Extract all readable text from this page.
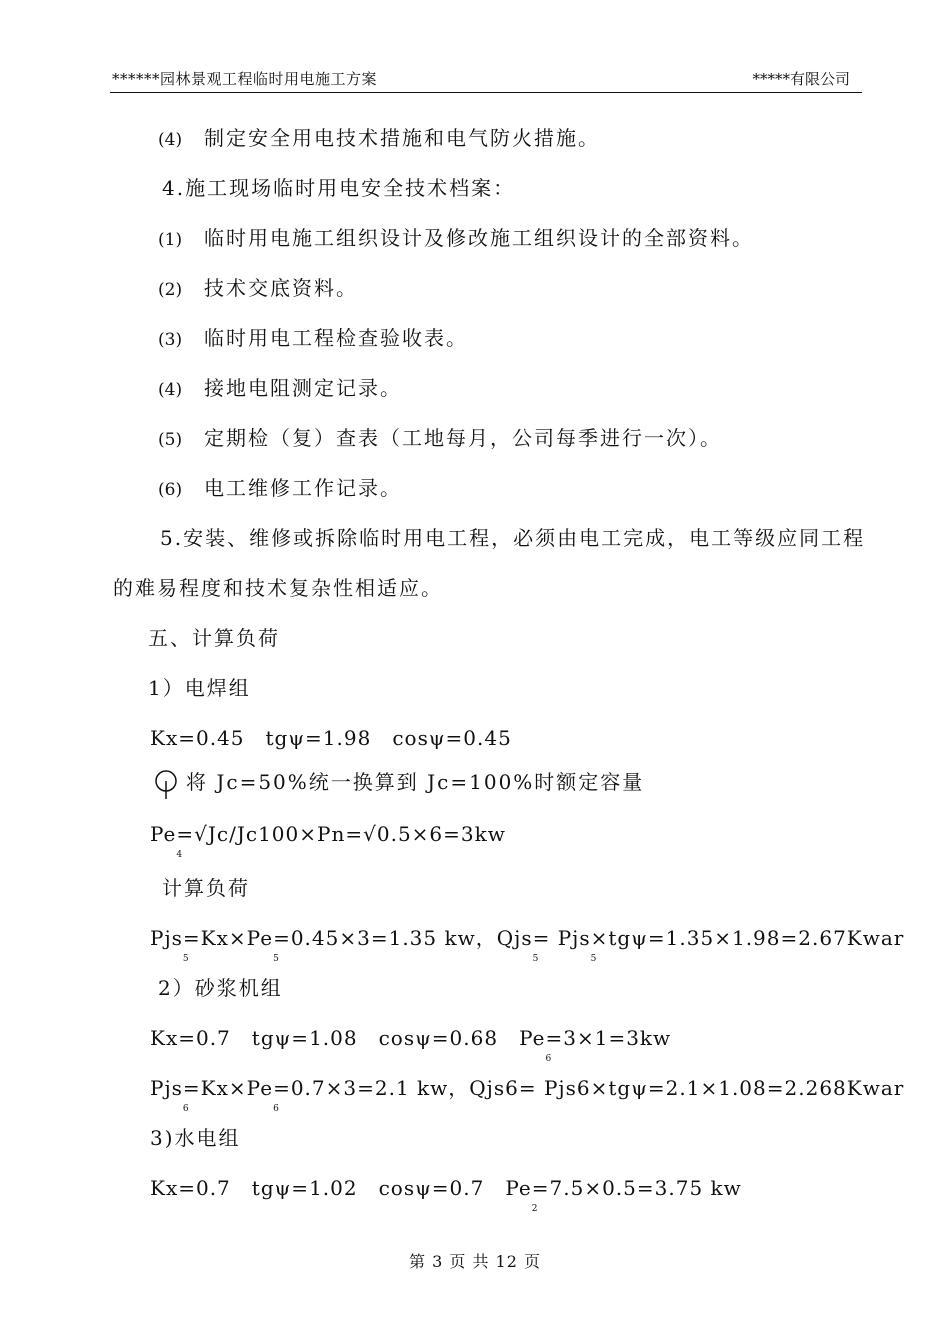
******园林景观工程临时用电施工方案	*****有限公司
(4) 制定安全用电技术措施和电气防火措施。
4.施工现场临时用电安全技术档案：
(1) 临时用电施工组织设计及修改施工组织设计的全部资料。
(2) 技术交底资料。
(3) 临时用电工程检查验收表。
(4) 接地电阻测定记录。
(5) 定期检（复）查表（工地每月，公司每季进行一次）。
(6) 电工维修工作记录。
5.安装、维修或拆除临时用电工程，必须由电工完成，电工等级应同工程
的难易程度和技术复杂性相适应。
五、计算负荷
1）电焊组
Kx=0.45　tgψ=1.98　cosψ=0.45
将 Jc=50%统一换算到 Jc=100%时额定容量
Pe4=√Jc/Jc100×Pn=√0.5×6=3kw
计算负荷
Pjs5=Kx×Pe5=0.45×3=1.35 kw，Qjs5= Pjs5×tgψ=1.35×1.98=2.67Kwar
2）砂浆机组
Kx=0.7　tgψ=1.08　cosψ=0.68　Pe6=3×1=3kw
Pjs6=Kx×Pe6=0.7×3=2.1 kw，Qjs6= Pjs6×tgψ=2.1×1.08=2.268Kwar
3)水电组
Kx=0.7　tgψ=1.02　cosψ=0.7　Pe2=7.5×0.5=3.75 kw
第 3 页 共 12 页
